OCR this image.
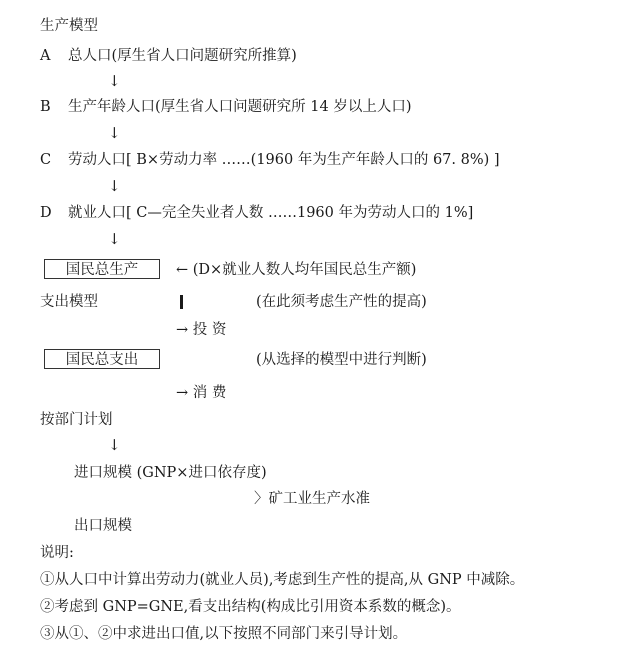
生产模型
A 总人口(厚生省人口问题研究所推算)
↓
B 生产年龄人口(厚生省人口问题研究所 14 岁以上人口)
↓
C 劳动人口[ B×劳动力率 ……(1960 年为生产年龄人口的 67. 8%) ]
↓
D 就业人口[ C—完全失业者人数 ……1960 年为劳动人口的 1%]
↓
国民总生产	← (D×就业人数人均年国民总生产额)
支出模型	(在此须考虑生产性的提高)
→ 投 资
国民总支出	(从选择的模型中进行判断)
→ 消 费
按部门计划
↓
进口规模 (GNP×进口依存度)
〉矿工业生产水准
出口规模
说明:
①从人口中计算出劳动力(就业人员),考虑到生产性的提高,从 GNP 中减除。
②考虑到 GNP=GNE,看支出结构(构成比引用资本系数的概念)。
③从①、②中求进出口值,以下按照不同部门来引导计划。
